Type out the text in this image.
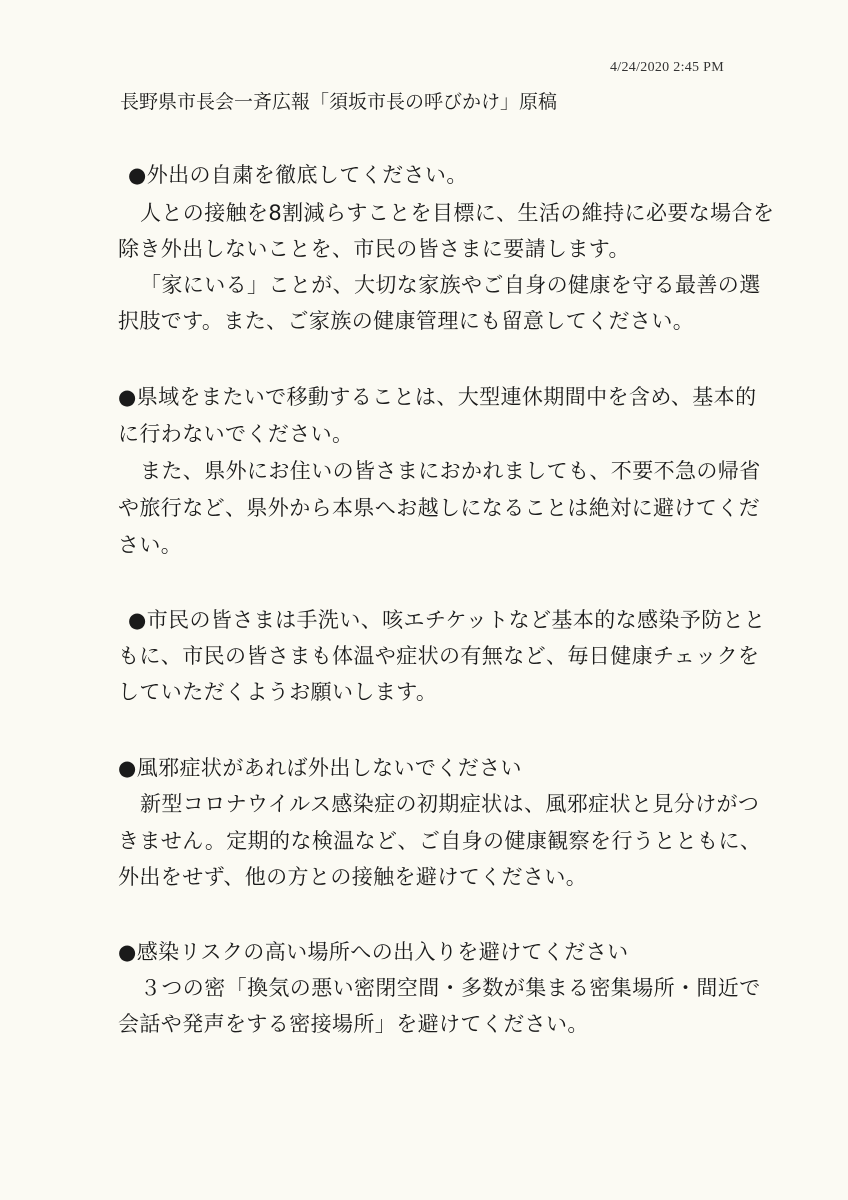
4/24/2020 2:45 PM
長野県市長会一斉広報「須坂市長の呼びかけ」原稿
●外出の自粛を徹底してください。
人との接触を8割減らすことを目標に、生活の維持に必要な場合を
除き外出しないことを、市民の皆さまに要請します。
「家にいる」ことが、大切な家族やご自身の健康を守る最善の選
択肢です。また、ご家族の健康管理にも留意してください。
●県域をまたいで移動することは、大型連休期間中を含め、基本的
に行わないでください。
また、県外にお住いの皆さまにおかれましても、不要不急の帰省
や旅行など、県外から本県へお越しになることは絶対に避けてくだ
さい。
●市民の皆さまは手洗い、咳エチケットなど基本的な感染予防とと
もに、市民の皆さまも体温や症状の有無など、毎日健康チェックを
していただくようお願いします。
●風邪症状があれば外出しないでください
新型コロナウイルス感染症の初期症状は、風邪症状と見分けがつ
きません。定期的な検温など、ご自身の健康観察を行うとともに、
外出をせず、他の方との接触を避けてください。
●感染リスクの高い場所への出入りを避けてください
３つの密「換気の悪い密閉空間・多数が集まる密集場所・間近で
会話や発声をする密接場所」を避けてください。
